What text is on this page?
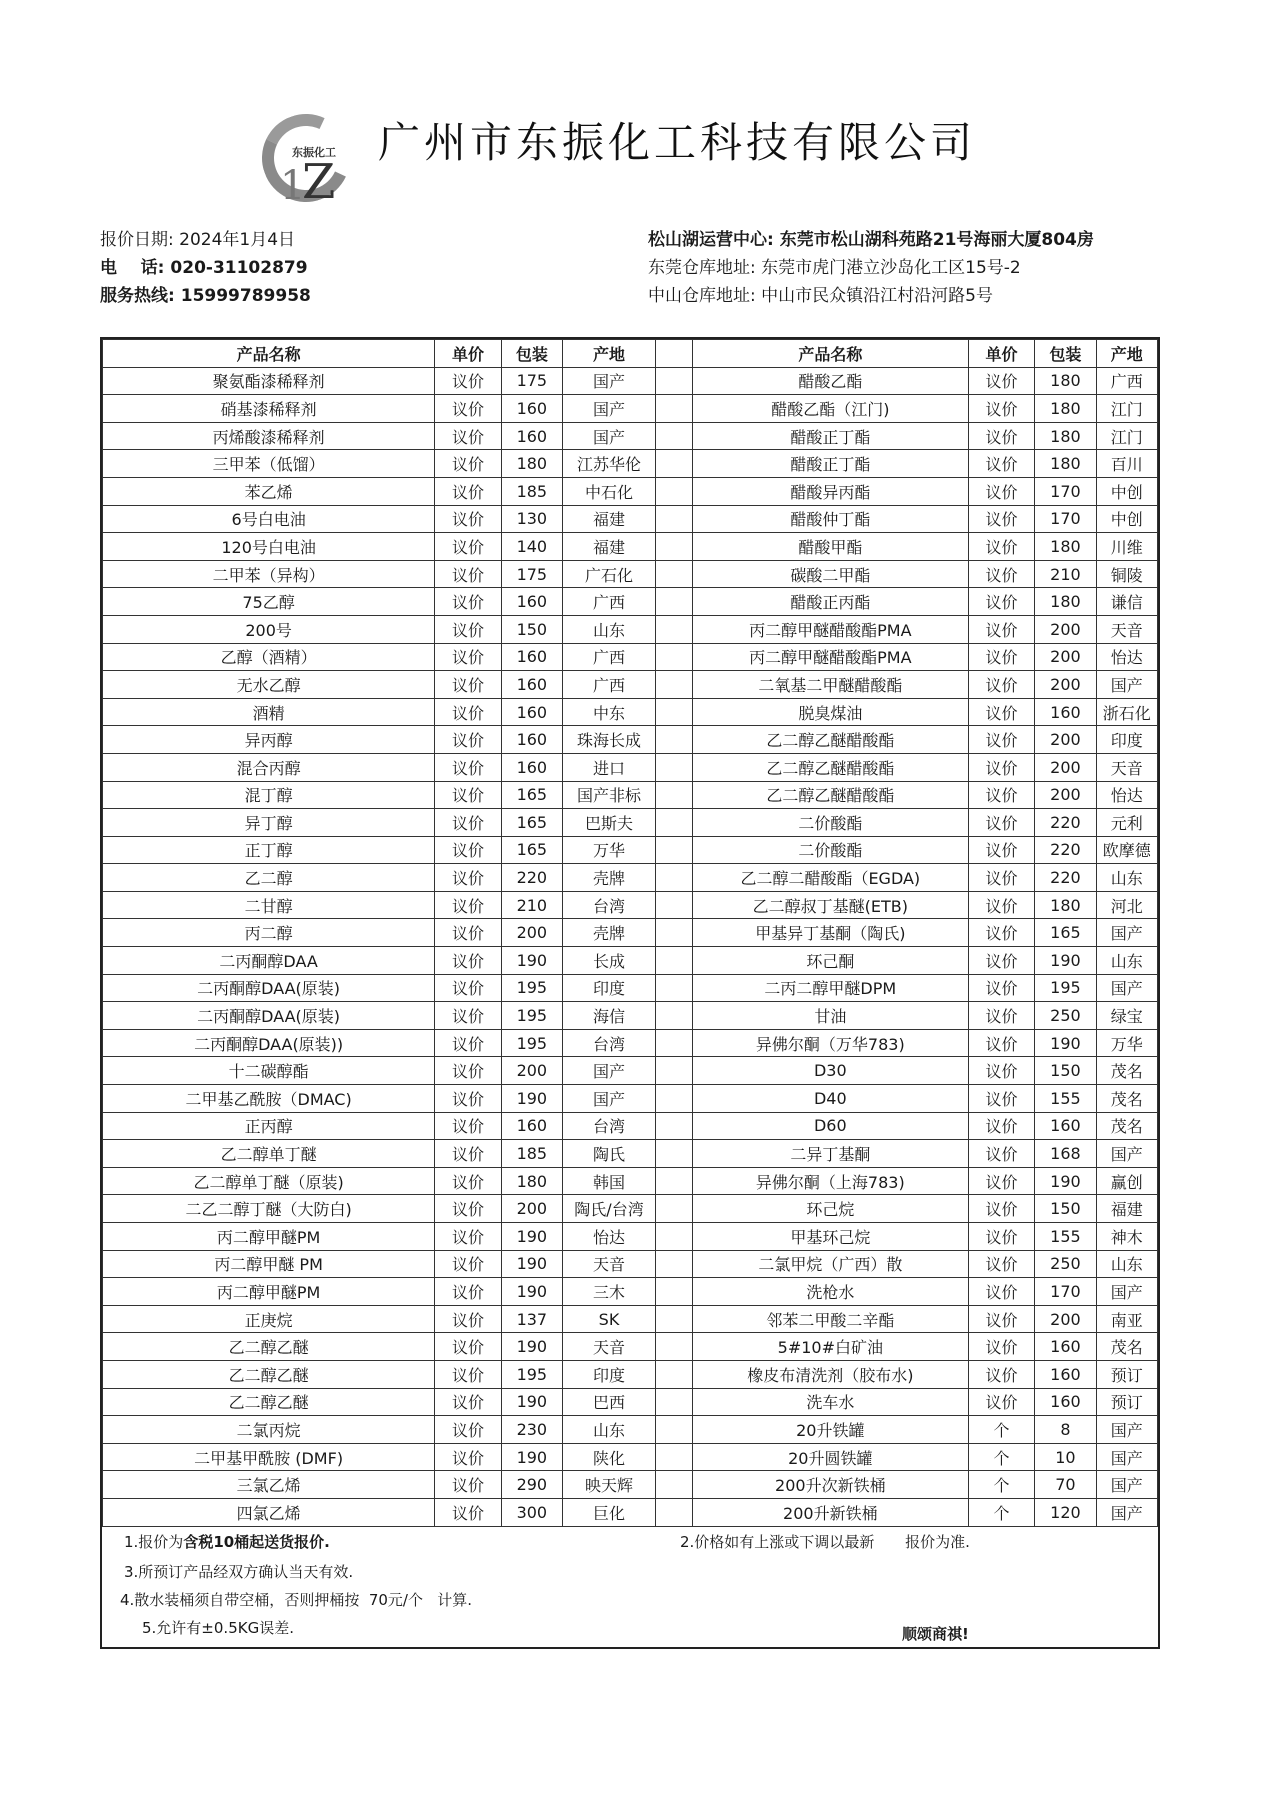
东振化工
1
Z
广州市东振化工科技有限公司
报价日期: 2024年1月4日
电    话: 020-31102879
服务热线: 15999789958
松山湖运营中心: 东莞市松山湖科苑路21号海丽大厦804房
东莞仓库地址: 东莞市虎门港立沙岛化工区15号-2
中山仓库地址: 中山市民众镇沿江村沿河路5号
产品名称	单价	包装	产地		产品名称	单价	包装	产地
聚氨酯漆稀释剂	议价	175	国产		醋酸乙酯	议价	180	广西
硝基漆稀释剂	议价	160	国产		醋酸乙酯（江门)	议价	180	江门
丙烯酸漆稀释剂	议价	160	国产		醋酸正丁酯	议价	180	江门
三甲苯（低馏）	议价	180	江苏华伦		醋酸正丁酯	议价	180	百川
苯乙烯	议价	185	中石化		醋酸异丙酯	议价	170	中创
6号白电油	议价	130	福建		醋酸仲丁酯	议价	170	中创
120号白电油	议价	140	福建		醋酸甲酯	议价	180	川维
二甲苯（异构）	议价	175	广石化		碳酸二甲酯	议价	210	铜陵
75乙醇	议价	160	广西		醋酸正丙酯	议价	180	谦信
200号	议价	150	山东		丙二醇甲醚醋酸酯PMA	议价	200	天音
乙醇（酒精）	议价	160	广西		丙二醇甲醚醋酸酯PMA	议价	200	怡达
无水乙醇	议价	160	广西		二氧基二甲醚醋酸酯	议价	200	国产
酒精	议价	160	中东		脱臭煤油	议价	160	浙石化
异丙醇	议价	160	珠海长成		乙二醇乙醚醋酸酯	议价	200	印度
混合丙醇	议价	160	进口		乙二醇乙醚醋酸酯	议价	200	天音
混丁醇	议价	165	国产非标		乙二醇乙醚醋酸酯	议价	200	怡达
异丁醇	议价	165	巴斯夫		二价酸酯	议价	220	元利
正丁醇	议价	165	万华		二价酸酯	议价	220	欧摩德
乙二醇	议价	220	壳牌		乙二醇二醋酸酯（EGDA)	议价	220	山东
二甘醇	议价	210	台湾		乙二醇叔丁基醚(ETB)	议价	180	河北
丙二醇	议价	200	壳牌		甲基异丁基酮（陶氏)	议价	165	国产
二丙酮醇DAA	议价	190	长成		环己酮	议价	190	山东
二丙酮醇DAA(原装)	议价	195	印度		二丙二醇甲醚DPM	议价	195	国产
二丙酮醇DAA(原装)	议价	195	海信		甘油	议价	250	绿宝
二丙酮醇DAA(原装))	议价	195	台湾		异佛尔酮（万华783)	议价	190	万华
十二碳醇酯	议价	200	国产		D30	议价	150	茂名
二甲基乙酰胺（DMAC)	议价	190	国产		D40	议价	155	茂名
正丙醇	议价	160	台湾		D60	议价	160	茂名
乙二醇单丁醚	议价	185	陶氏		二异丁基酮	议价	168	国产
乙二醇单丁醚（原装)	议价	180	韩国		异佛尔酮（上海783)	议价	190	赢创
二乙二醇丁醚（大防白)	议价	200	陶氏/台湾		环己烷	议价	150	福建
丙二醇甲醚PM	议价	190	怡达		甲基环己烷	议价	155	神木
丙二醇甲醚 PM	议价	190	天音		二氯甲烷（广西）散	议价	250	山东
丙二醇甲醚PM	议价	190	三木		洗枪水	议价	170	国产
正庚烷	议价	137	SK		邻苯二甲酸二辛酯	议价	200	南亚
乙二醇乙醚	议价	190	天音		5#10#白矿油	议价	160	茂名
乙二醇乙醚	议价	195	印度		橡皮布清洗剂（胶布水)	议价	160	预订
乙二醇乙醚	议价	190	巴西		洗车水	议价	160	预订
二氯丙烷	议价	230	山东		20升铁罐	个	8	国产
二甲基甲酰胺 (DMF)	议价	190	陕化		20升圆铁罐	个	10	国产
三氯乙烯	议价	290	映天辉		200升次新铁桶	个	70	国产
四氯乙烯	议价	300	巨化		200升新铁桶	个	120	国产
1.报价为含税10桶起送货报价.	2.价格如有上涨或下调以最新 报价为准.
3.所预订产品经双方确认当天有效.
4.散水装桶须自带空桶，否则押桶按  70元/个   计算.
5.允许有±0.5KG误差.	顺颂商祺!
